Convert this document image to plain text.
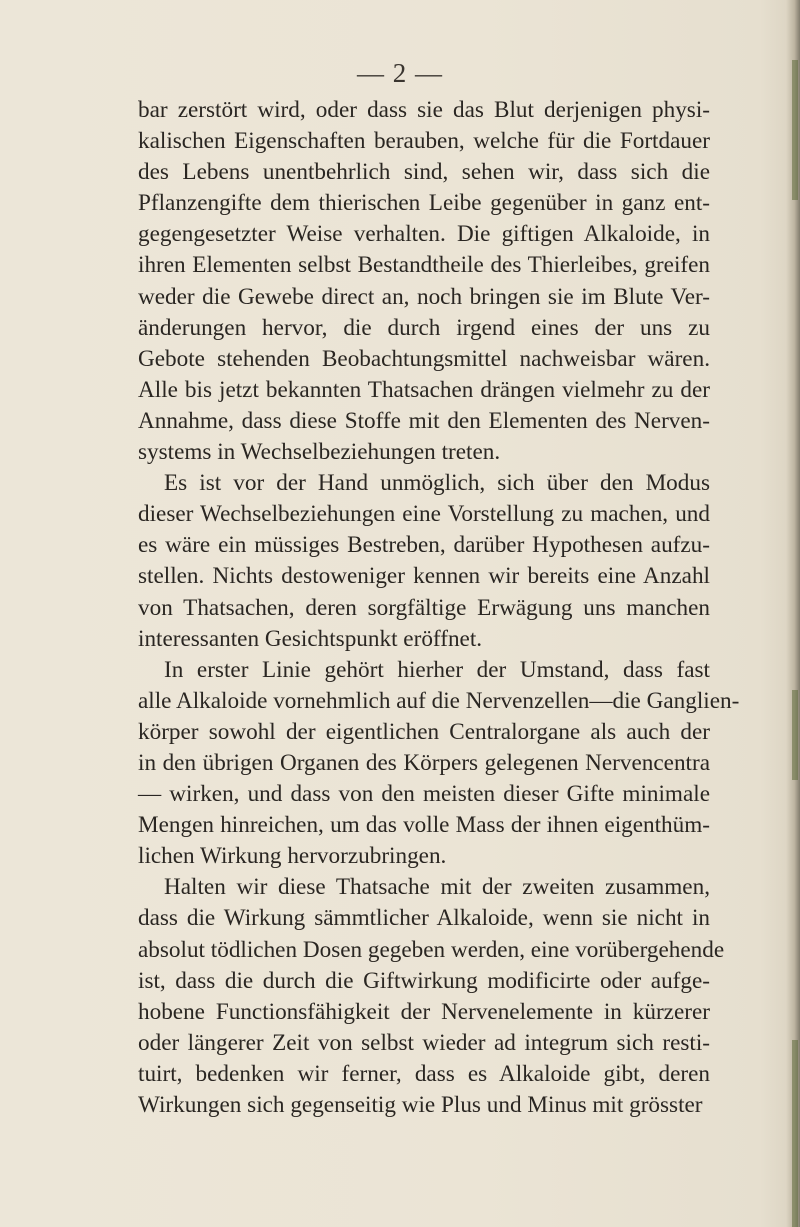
— 2 —
bar zerstört wird, oder dass sie das Blut derjenigen physi-
kalischen Eigenschaften berauben, welche für die Fortdauer
des Lebens unentbehrlich sind, sehen wir, dass sich die
Pflanzengifte dem thierischen Leibe gegenüber in ganz ent-
gegengesetzter Weise verhalten. Die giftigen Alkaloide, in
ihren Elementen selbst Bestandtheile des Thierleibes, greifen
weder die Gewebe direct an, noch bringen sie im Blute Ver-
änderungen hervor, die durch irgend eines der uns zu
Gebote stehenden Beobachtungsmittel nachweisbar wären.
Alle bis jetzt bekannten Thatsachen drängen vielmehr zu der
Annahme, dass diese Stoffe mit den Elementen des Nerven-
systems in Wechselbeziehungen treten.
Es ist vor der Hand unmöglich, sich über den Modus
dieser Wechselbeziehungen eine Vorstellung zu machen, und
es wäre ein müssiges Bestreben, darüber Hypothesen aufzu-
stellen. Nichts destoweniger kennen wir bereits eine Anzahl
von Thatsachen, deren sorgfältige Erwägung uns manchen
interessanten Gesichtspunkt eröffnet.
In erster Linie gehört hierher der Umstand, dass fast
alle Alkaloide vornehmlich auf die Nervenzellen—die Ganglien-
körper sowohl der eigentlichen Centralorgane als auch der
in den übrigen Organen des Körpers gelegenen Nervencentra
— wirken, und dass von den meisten dieser Gifte minimale
Mengen hinreichen, um das volle Mass der ihnen eigenthüm-
lichen Wirkung hervorzubringen.
Halten wir diese Thatsache mit der zweiten zusammen,
dass die Wirkung sämmtlicher Alkaloide, wenn sie nicht in
absolut tödlichen Dosen gegeben werden, eine vorübergehende
ist, dass die durch die Giftwirkung modificirte oder aufge-
hobene Functionsfähigkeit der Nervenelemente in kürzerer
oder längerer Zeit von selbst wieder ad integrum sich resti-
tuirt, bedenken wir ferner, dass es Alkaloide gibt, deren
Wirkungen sich gegenseitig wie Plus und Minus mit grösster
